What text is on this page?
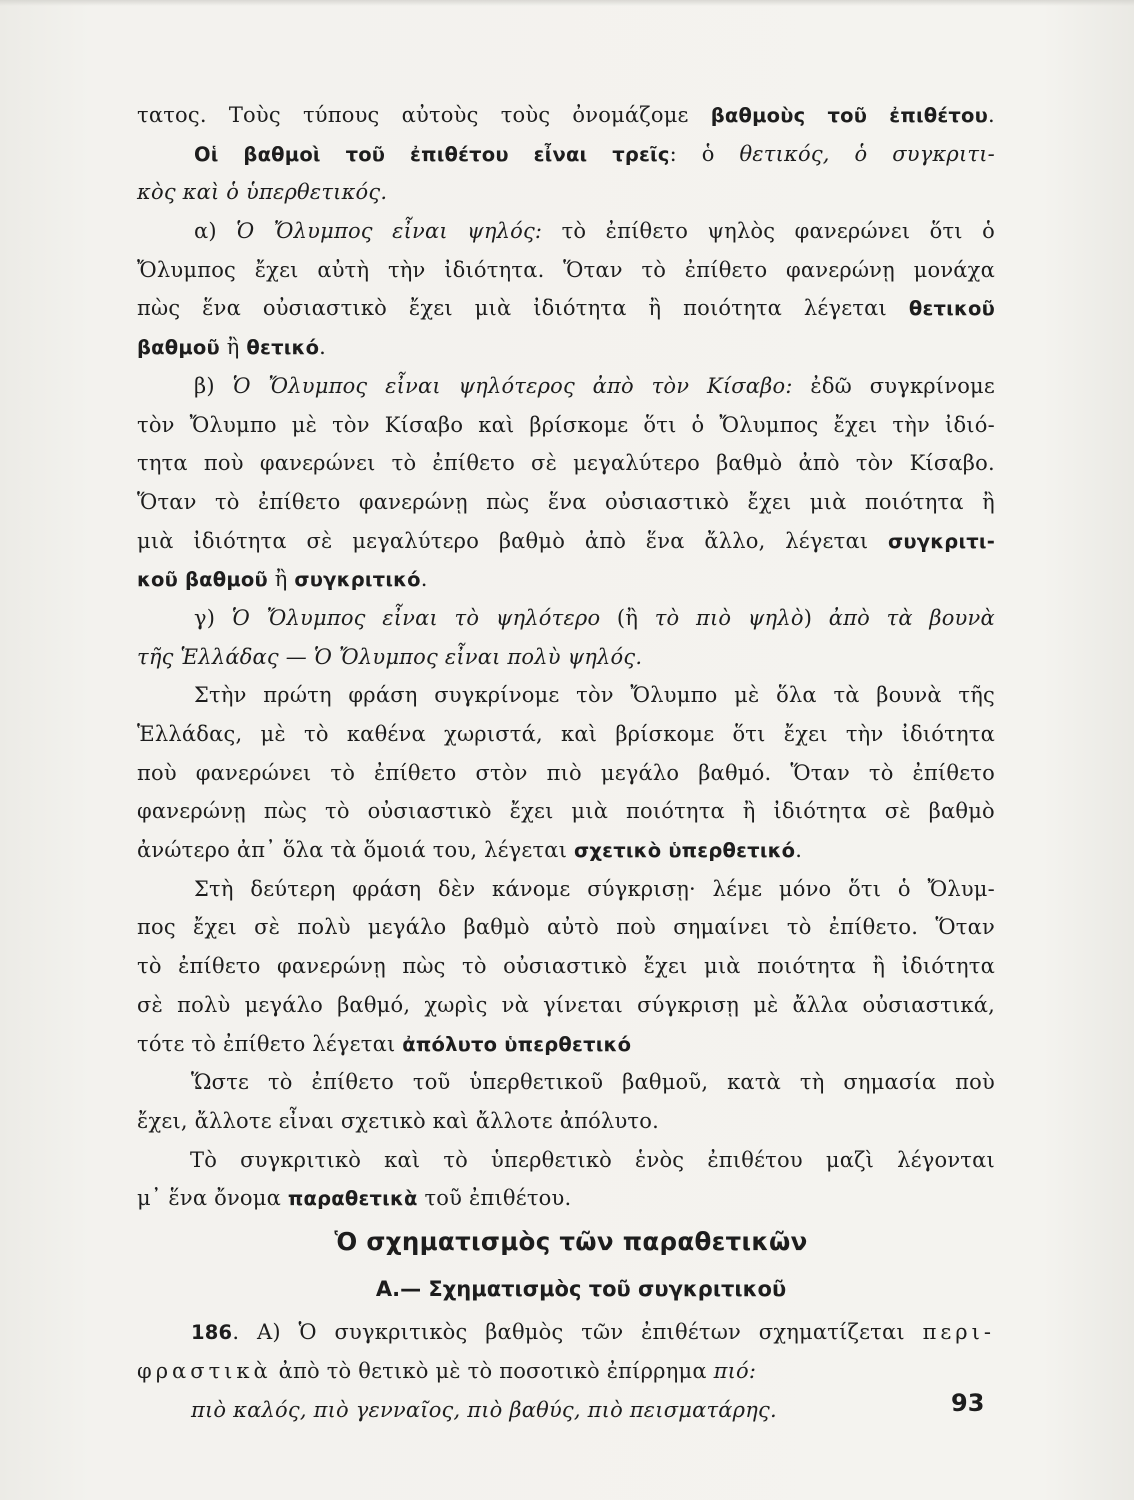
τατος. Τοὺς τύπους αὐτοὺς τοὺς ὀνομάζομε βαθμοὺς τοῦ ἐπιθέτου.
Οἱ βαθμοὶ τοῦ ἐπιθέτου εἶναι τρεῖς: ὁ θετικός, ὁ συγκριτι-
κὸς καὶ ὁ ὑπερθετικός.
α) Ὁ Ὄλυμπος εἶναι ψηλός: τὸ ἐπίθετο ψηλὸς φανερώνει ὅτι ὁ
Ὄλυμπος ἔχει αὐτὴ τὴν ἰδιότητα. Ὅταν τὸ ἐπίθετο φανερώνῃ μονάχα
πὼς ἕνα οὐσιαστικὸ ἔχει μιὰ ἰδιότητα ἢ ποιότητα λέγεται θετικοῦ
βαθμοῦ ἢ θετικό.
β) Ὁ Ὄλυμπος εἶναι ψηλότερος ἀπὸ τὸν Κίσαβο: ἐδῶ συγκρίνομε
τὸν Ὄλυμπο μὲ τὸν Κίσαβο καὶ βρίσκομε ὅτι ὁ Ὄλυμπος ἔχει τὴν ἰδιό-
τητα ποὺ φανερώνει τὸ ἐπίθετο σὲ μεγαλύτερο βαθμὸ ἀπὸ τὸν Κίσαβο.
Ὅταν τὸ ἐπίθετο φανερώνῃ πὼς ἕνα οὐσιαστικὸ ἔχει μιὰ ποιότητα ἢ
μιὰ ἰδιότητα σὲ μεγαλύτερο βαθμὸ ἀπὸ ἕνα ἄλλο, λέγεται συγκριτι-
κοῦ βαθμοῦ ἢ συγκριτικό.
γ) Ὁ Ὄλυμπος εἶναι τὸ ψηλότερο (ἢ τὸ πιὸ ψηλὸ) ἀπὸ τὰ βουνὰ
τῆς Ἑλλάδας — Ὁ Ὄλυμπος εἶναι πολὺ ψηλός.
Στὴν πρώτη φράση συγκρίνομε τὸν Ὄλυμπο μὲ ὅλα τὰ βουνὰ τῆς
Ἑλλάδας, μὲ τὸ καθένα χωριστά, καὶ βρίσκομε ὅτι ἔχει τὴν ἰδιότητα
ποὺ φανερώνει τὸ ἐπίθετο στὸν πιὸ μεγάλο βαθμό. Ὅταν τὸ ἐπίθετο
φανερώνῃ πὼς τὸ οὐσιαστικὸ ἔχει μιὰ ποιότητα ἢ ἰδιότητα σὲ βαθμὸ
ἀνώτερο ἀπ᾿ ὅλα τὰ ὅμοιά του, λέγεται σχετικὸ ὑπερθετικό.
Στὴ δεύτερη φράση δὲν κάνομε σύγκρισῃ· λέμε μόνο ὅτι ὁ Ὄλυμ-
πος ἔχει σὲ πολὺ μεγάλο βαθμὸ αὐτὸ ποὺ σημαίνει τὸ ἐπίθετο. Ὅταν
τὸ ἐπίθετο φανερώνῃ πὼς τὸ οὐσιαστικὸ ἔχει μιὰ ποιότητα ἢ ἰδιότητα
σὲ πολὺ μεγάλο βαθμό, χωρὶς νὰ γίνεται σύγκρισῃ μὲ ἄλλα οὐσιαστικά,
τότε τὸ ἐπίθετο λέγεται ἀπόλυτο ὑπερθετικό
Ὥστε τὸ ἐπίθετο τοῦ ὑπερθετικοῦ βαθμοῦ, κατὰ τὴ σημασία ποὺ
ἔχει, ἄλλοτε εἶναι σχετικὸ καὶ ἄλλοτε ἀπόλυτο.
Τὸ συγκριτικὸ καὶ τὸ ὑπερθετικὸ ἑνὸς ἐπιθέτου μαζὶ λέγονται
μ᾿ ἕνα ὄνομα παραθετικὰ τοῦ ἐπιθέτου.
Ὁ σχηματισμὸς τῶν παραθετικῶν
Α.— Σχηματισμὸς τοῦ συγκριτικοῦ
186. Α) Ὁ συγκριτικὸς βαθμὸς τῶν ἐπιθέτων σχηματίζεται περι-
φραστικὰ ἀπὸ τὸ θετικὸ μὲ τὸ ποσοτικὸ ἐπίρρημα πιό:
πιὸ καλός, πιὸ γενναῖος, πιὸ βαθύς, πιὸ πεισματάρης.	93
